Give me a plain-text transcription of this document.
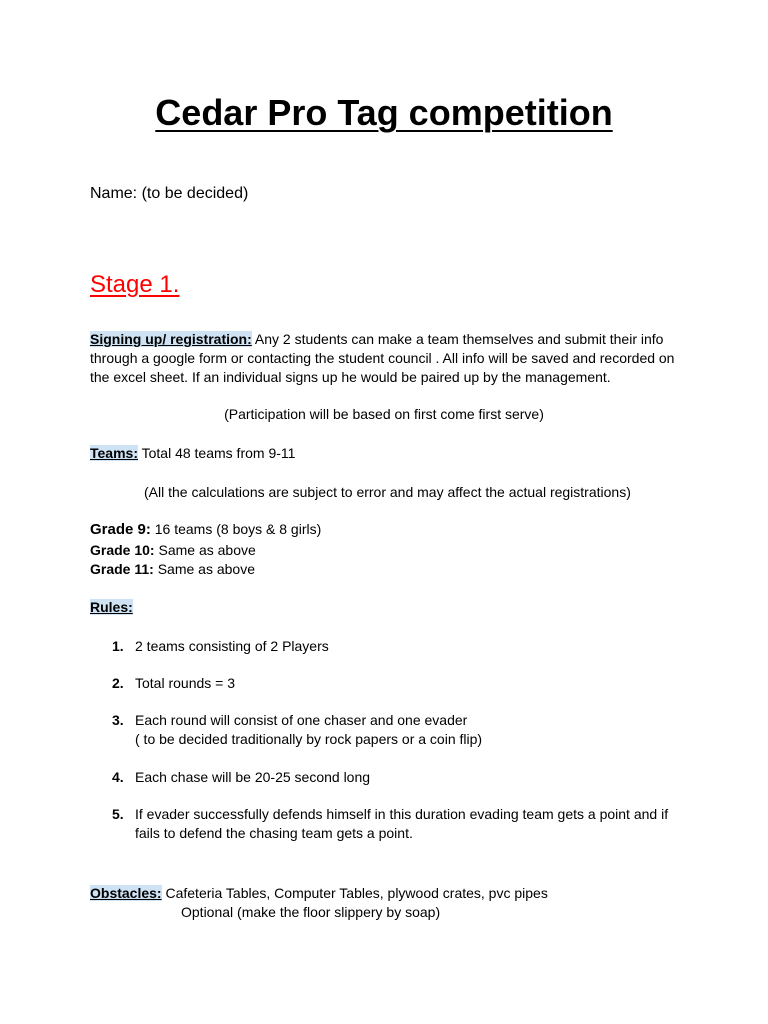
Cedar Pro Tag competition
Name: (to be decided)
Stage 1.
Signing up/ registration: Any 2 students can make a team themselves and submit their info through a google form or contacting the student council . All info will be saved and recorded on the excel sheet. If an individual signs up he would be paired up by the management.
(Participation will be based on first come first serve)
Teams: Total 48 teams from 9-11
(All the calculations are subject to error and may affect the actual registrations)
Grade 9: 16 teams (8 boys & 8 girls)
Grade 10: Same as above
Grade 11: Same as above
Rules:
1. 2 teams consisting of 2 Players
2. Total rounds = 3
3. Each round will consist of one chaser and one evader
( to be decided traditionally by rock papers or a coin flip)
4. Each chase will be 20-25 second long
5. If evader successfully defends himself in this duration evading team gets a point and if
fails to defend the chasing team gets a point.
Obstacles: Cafeteria Tables, Computer Tables, plywood crates, pvc pipes
Optional (make the floor slippery by soap)
